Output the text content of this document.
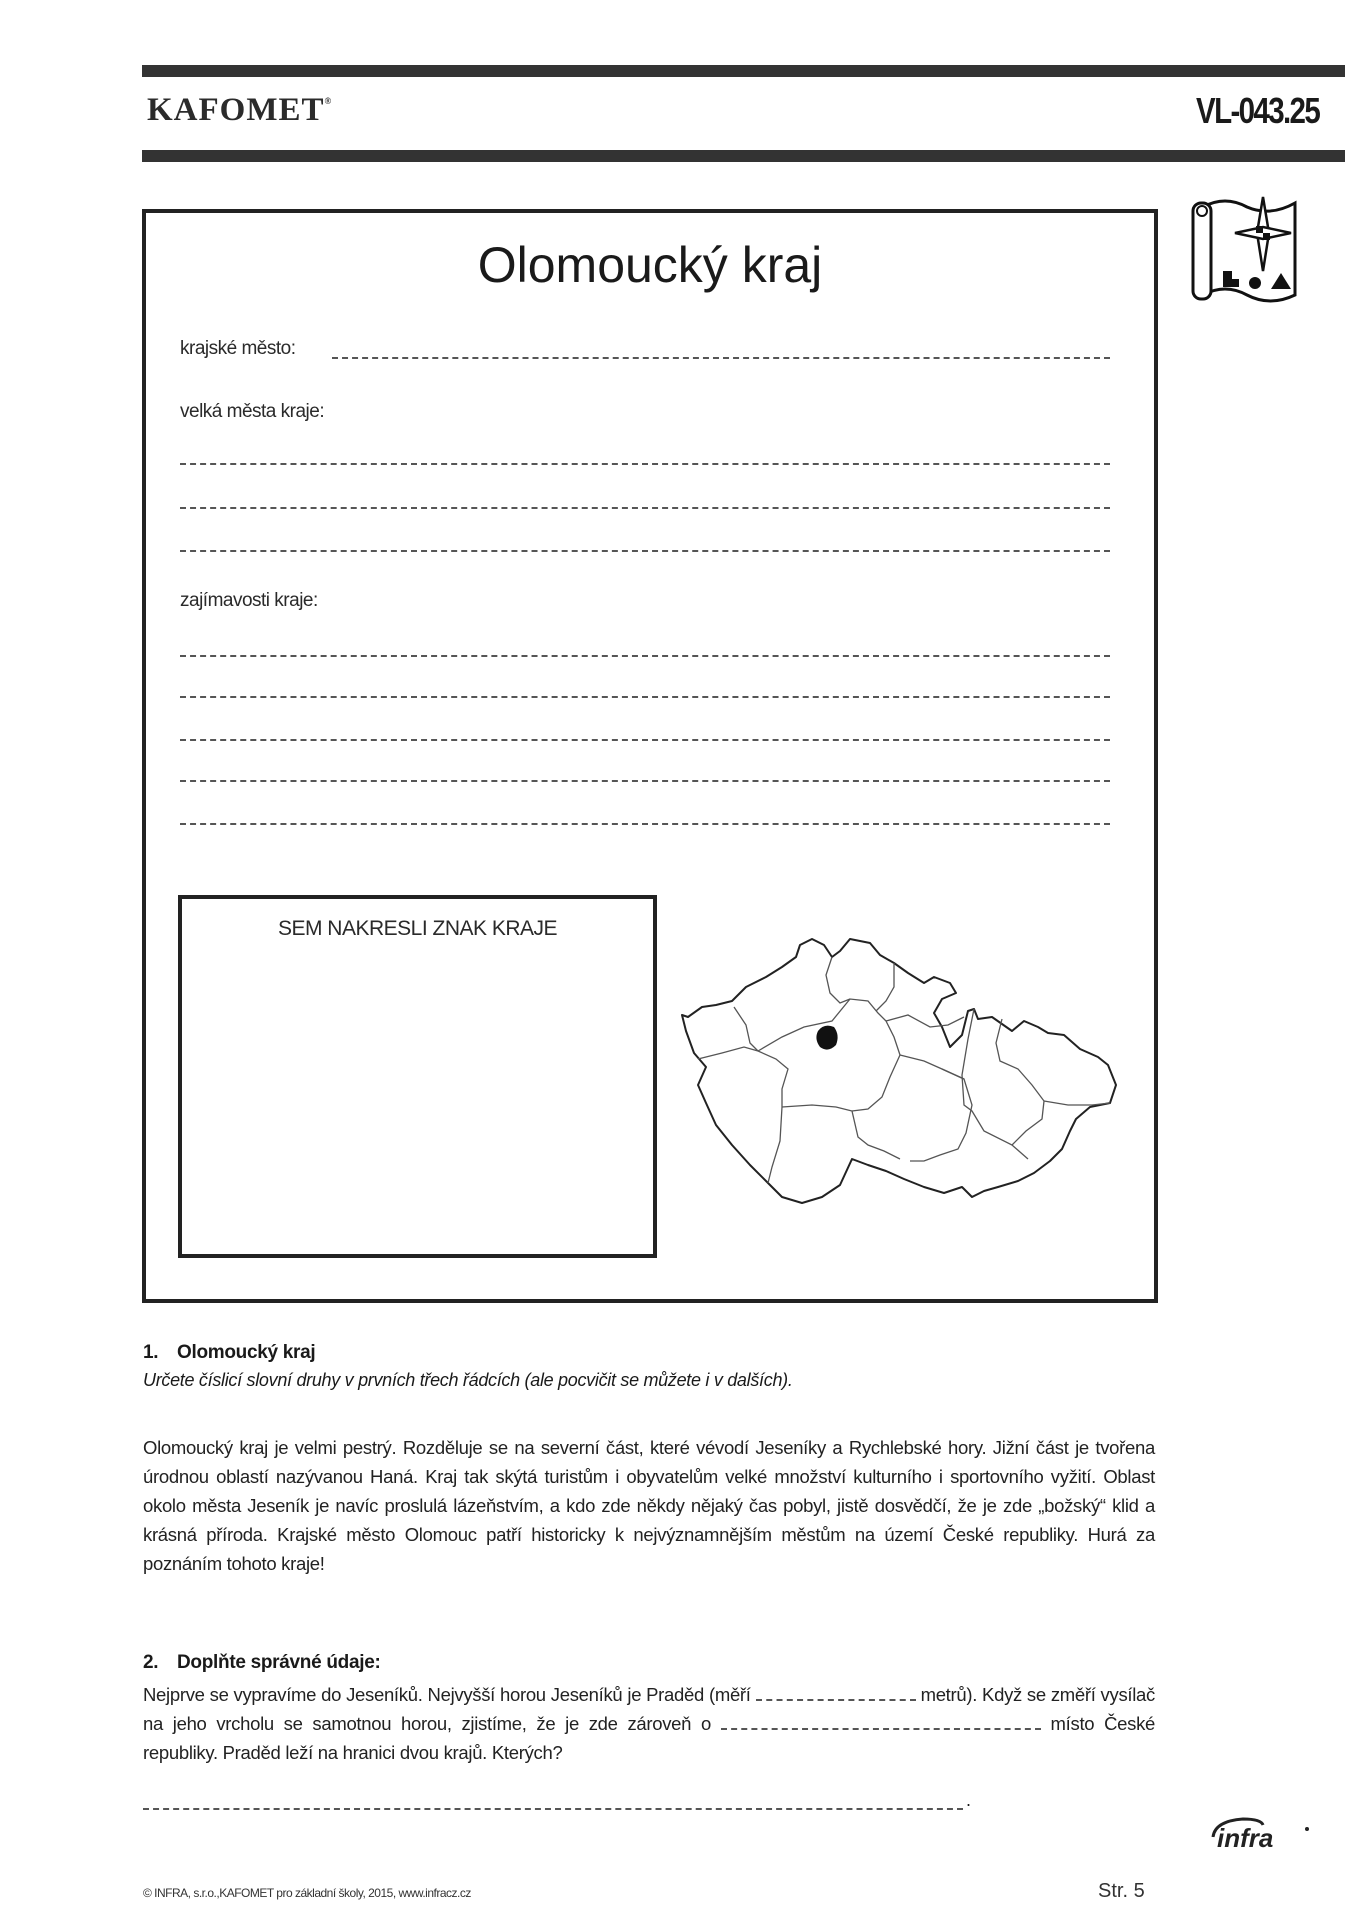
KAFOMET®	VL-043.25
Olomoucký kraj
krajské město:
velká města kraje:
zajímavosti kraje:
SEM NAKRESLI ZNAK KRAJE
1. Olomoucký kraj
Určete číslicí slovní druhy v prvních třech řádcích (ale pocvičit se můžete i v dalších).
Olomoucký kraj je velmi pestrý. Rozděluje se na severní část, které vévodí Jeseníky a Rychlebské hory. Jižní část je tvořena úrodnou oblastí nazývanou Haná. Kraj tak skýtá turistům i obyvatelům velké množství kulturního i sportovního vyžití. Oblast okolo města Jeseník je navíc proslulá lázeňstvím, a kdo zde někdy nějaký čas pobyl, jistě dosvědčí, že je zde „božský“ klid a krásná příroda. Krajské město Olomouc patří historicky k nejvýznamnějším městům na území České republiky. Hurá za poznáním tohoto kraje!
2. Doplňte správné údaje:
Nejprve se vypravíme do Jeseníků. Nejvyšší horou Jeseníků je Praděd (měří	metrů). Když se změří vysílač na jeho vrcholu se samotnou horou, zjistíme, že je zde zároveň o	místo České republiky. Praděd leží na hranici dvou krajů. Kterých?
.
infra
© INFRA, s.r.o.,KAFOMET pro základní školy, 2015, www.infracz.cz	Str. 5
